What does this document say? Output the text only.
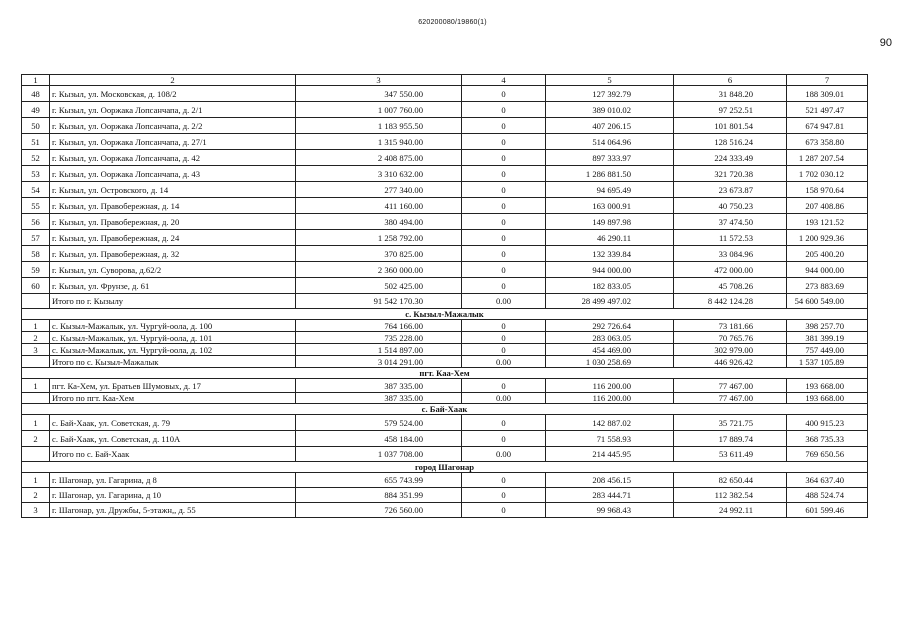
620200080/19860(1)
90
1	2	3	4	5	6	7
48	г. Кызыл, ул. Московская, д. 108/2	347 550.00	0	127 392.79	31 848.20	188 309.01
49	г. Кызыл, ул. Ооржака Лопсанчапа, д. 2/1	1 007 760.00	0	389 010.02	97 252.51	521 497.47
50	г. Кызыл, ул. Ооржака Лопсанчапа, д. 2/2	1 183 955.50	0	407 206.15	101 801.54	674 947.81
51	г. Кызыл, ул. Ооржака Лопсанчапа, д. 27/1	1 315 940.00	0	514 064.96	128 516.24	673 358.80
52	г. Кызыл, ул. Ооржака Лопсанчапа, д. 42	2 408 875.00	0	897 333.97	224 333.49	1 287 207.54
53	г. Кызыл, ул. Ооржака Лопсанчапа, д. 43	3 310 632.00	0	1 286 881.50	321 720.38	1 702 030.12
54	г. Кызыл, ул. Островского, д. 14	277 340.00	0	94 695.49	23 673.87	158 970.64
55	г. Кызыл, ул. Правобережная, д. 14	411 160.00	0	163 000.91	40 750.23	207 408.86
56	г. Кызыл, ул. Правобережная, д. 20	380 494.00	0	149 897.98	37 474.50	193 121.52
57	г. Кызыл, ул. Правобережная, д. 24	1 258 792.00	0	46 290.11	11 572.53	1 200 929.36
58	г. Кызыл, ул. Правобережная, д. 32	370 825.00	0	132 339.84	33 084.96	205 400.20
59	г. Кызыл, ул. Суворова, д.62/2	2 360 000.00	0	944 000.00	472 000.00	944 000.00
60	г. Кызыл, ул. Фрунзе, д. 61	502 425.00	0	182 833.05	45 708.26	273 883.69
	Итого по г. Кызылу	91 542 170.30	0.00	28 499 497.02	8 442 124.28	54 600 549.00
с. Кызыл-Мажалык						
1	с. Кызыл-Мажалык, ул. Чургуй-оола, д. 100	764 166.00	0	292 726.64	73 181.66	398 257.70
2	с. Кызыл-Мажалык, ул. Чургуй-оола, д. 101	735 228.00	0	283 063.05	70 765.76	381 399.19
3	с. Кызыл-Мажалык, ул. Чургуй-оола, д. 102	1 514 897.00	0	454 469.00	302 979.00	757 449.00
	Итого по с. Кызыл-Мажалык	3 014 291.00	0.00	1 030 258.69	446 926.42	1 537 105.89
пгт. Каа-Хем						
1	пгт. Ка-Хем, ул. Братьев Шумовых, д. 17	387 335.00	0	116 200.00	77 467.00	193 668.00
	Итого по пгт. Каа-Хем	387 335.00	0.00	116 200.00	77 467.00	193 668.00
с. Бай-Хаак						
1	с. Бай-Хаак, ул. Советская, д. 79	579 524.00	0	142 887.02	35 721.75	400 915.23
2	с. Бай-Хаак, ул. Советская, д. 110А	458 184.00	0	71 558.93	17 889.74	368 735.33
	Итого по с. Бай-Хаак	1 037 708.00	0.00	214 445.95	53 611.49	769 650.56
город Шагонар						
1	г. Шагонар, ул. Гагарина, д 8	655 743.99	0	208 456.15	82 650.44	364 637.40
2	г. Шагонар, ул. Гагарина, д 10	884 351.99	0	283 444.71	112 382.54	488 524.74
3	г. Шагонар, ул. Дружбы, 5-этажн,, д. 55	726 560.00	0	99 968.43	24 992.11	601 599.46
